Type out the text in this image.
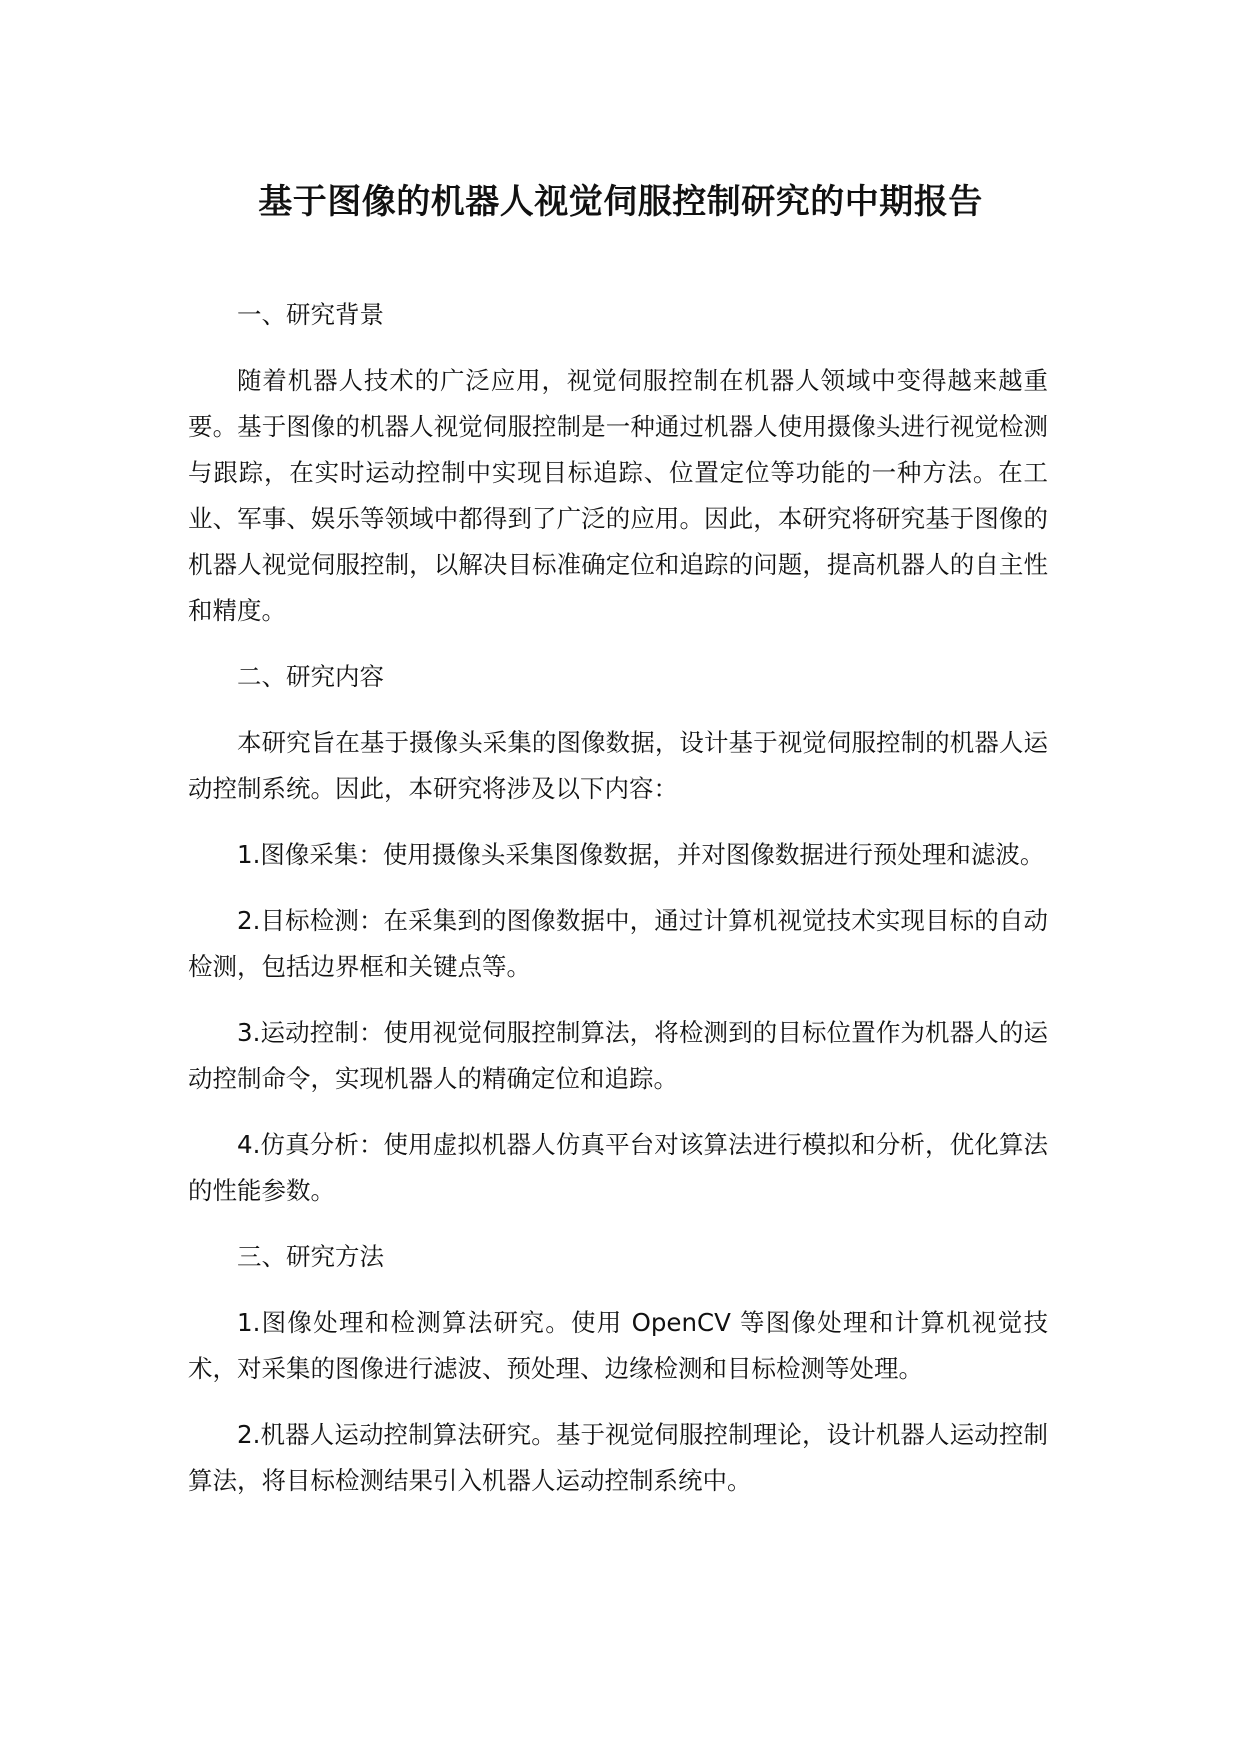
基于图像的机器人视觉伺服控制研究的中期报告

一、研究背景

随着机器人技术的广泛应用，视觉伺服控制在机器人领域中变得越来越重要。基于图像的机器人视觉伺服控制是一种通过机器人使用摄像头进行视觉检测与跟踪，在实时运动控制中实现目标追踪、位置定位等功能的一种方法。在工业、军事、娱乐等领域中都得到了广泛的应用。因此，本研究将研究基于图像的机器人视觉伺服控制，以解决目标准确定位和追踪的问题，提高机器人的自主性和精度。

二、研究内容

本研究旨在基于摄像头采集的图像数据，设计基于视觉伺服控制的机器人运动控制系统。因此，本研究将涉及以下内容：

1.图像采集：使用摄像头采集图像数据，并对图像数据进行预处理和滤波。

2.目标检测：在采集到的图像数据中，通过计算机视觉技术实现目标的自动检测，包括边界框和关键点等。

3.运动控制：使用视觉伺服控制算法，将检测到的目标位置作为机器人的运动控制命令，实现机器人的精确定位和追踪。

4.仿真分析：使用虚拟机器人仿真平台对该算法进行模拟和分析，优化算法的性能参数。

三、研究方法

1.图像处理和检测算法研究。使用 OpenCV 等图像处理和计算机视觉技术，对采集的图像进行滤波、预处理、边缘检测和目标检测等处理。

2.机器人运动控制算法研究。基于视觉伺服控制理论，设计机器人运动控制算法，将目标检测结果引入机器人运动控制系统中。
